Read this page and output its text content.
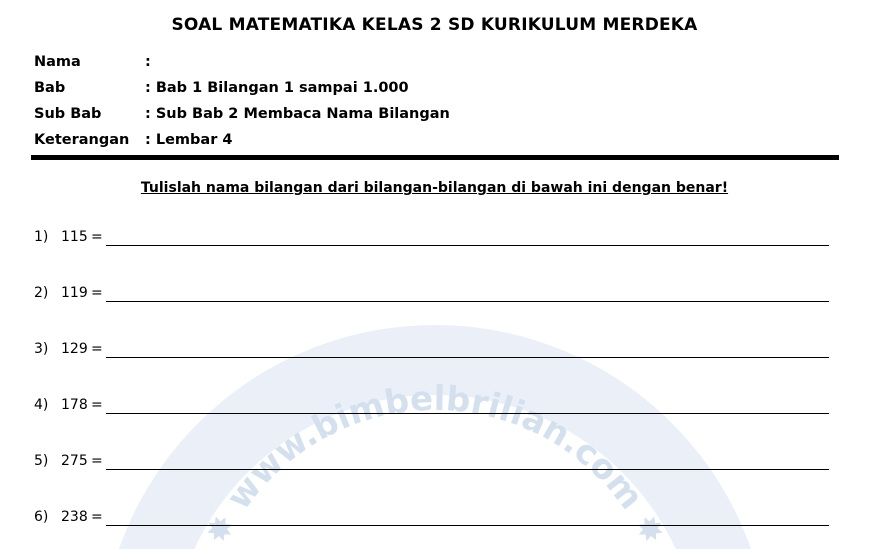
✸ www.bimbelbrilian.com ✸
SOAL MATEMATIKA KELAS 2 SD KURIKULUM MERDEKA
Nama	:
Bab	: Bab 1 Bilangan 1 sampai 1.000
Sub Bab	: Sub Bab 2 Membaca Nama Bilangan
Keterangan : Lembar 4
Tulislah nama bilangan dari bilangan-bilangan di bawah ini dengan benar!
1) 115 =
2) 119 =
3) 129 =
4) 178 =
5) 275 =
6) 238 =
